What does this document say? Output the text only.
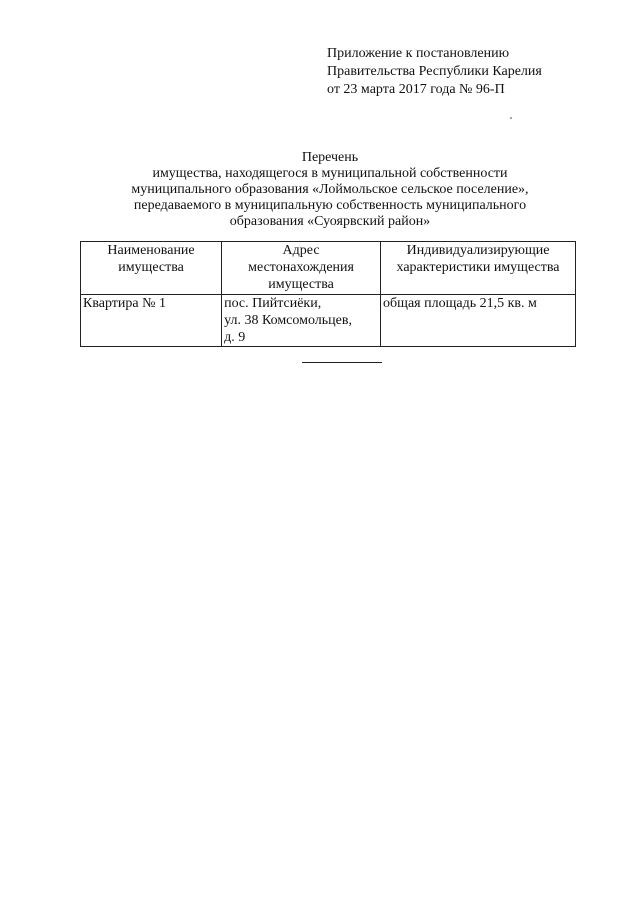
Приложение к постановлению
Правительства Республики Карелия
от 23 марта 2017 года № 96-П
Перечень
имущества, находящегося в муниципальной собственности
муниципального образования «Лоймольское сельское поселение»,
передаваемого в муниципальную собственность муниципального
образования «Суоярвский район»
Наименование
имущества	Адрес
местонахождения
имущества	Индивидуализирующие
характеристики имущества

Квартира № 1	пос. Пийтсиёки,
ул. 38 Комсомольцев,
д. 9	общая площадь 21,5 кв. м
